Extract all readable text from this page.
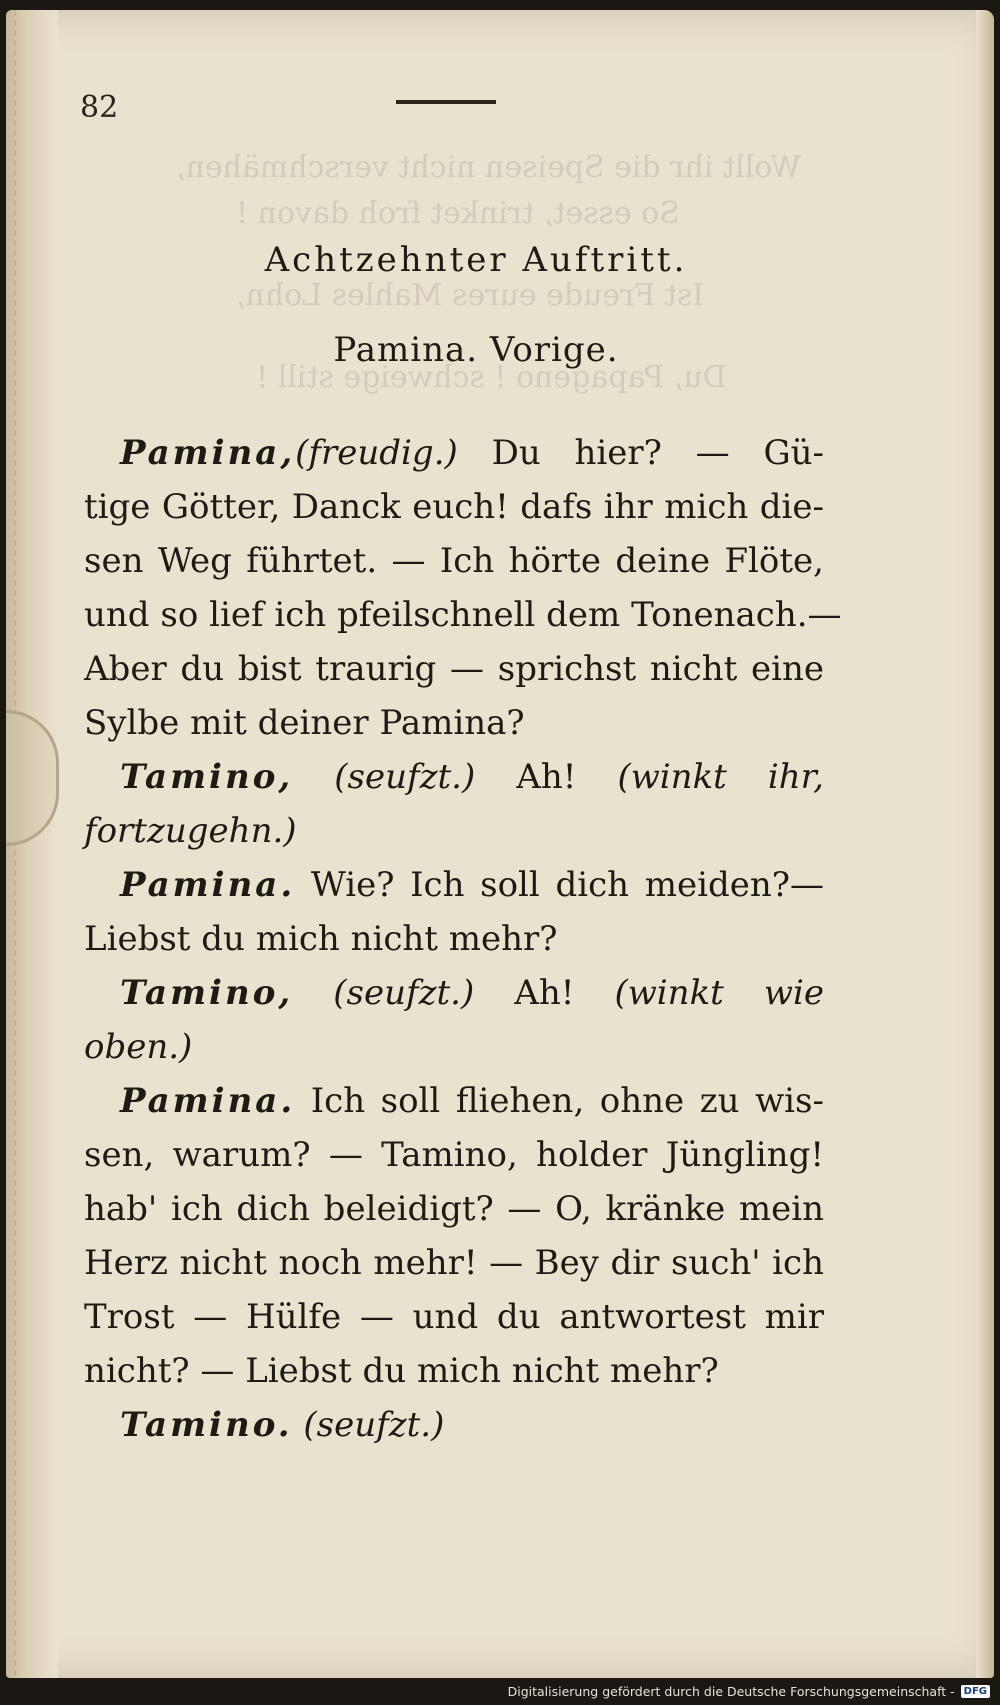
Wollt ihr die Speisen nicht verschmähen,
So esset, trinket froh davon !
Ist Freude eures Mahles Lohn,
Du, Papageno ! schweige still !
82
Achtzehnter Auftritt.
Pamina. Vorige.
Pamina,(freudig.) Du hier? — Gü-
tige Götter, Danck euch! dafs ihr mich die-
sen Weg führtet. — Ich hörte deine Flöte,
und so lief ich pfeilschnell dem Tonenach.—
Aber du bist traurig — sprichst nicht eine
Sylbe mit deiner Pamina?
Tamino, (seufzt.) Ah! (winkt ihr,
fortzugehn.)
Pamina. Wie? Ich soll dich meiden?—
Liebst du mich nicht mehr?
Tamino, (seufzt.) Ah! (winkt wie
oben.)
Pamina. Ich soll fliehen, ohne zu wis-
sen, warum? — Tamino, holder Jüngling!
hab' ich dich beleidigt? — O, kränke mein
Herz nicht noch mehr! — Bey dir such' ich
Trost — Hülfe — und du antwortest mir
nicht? — Liebst du mich nicht mehr?
Tamino. (seufzt.)
Digitalisierung gefördert durch die Deutsche Forschungsgemeinschaft - DFG
